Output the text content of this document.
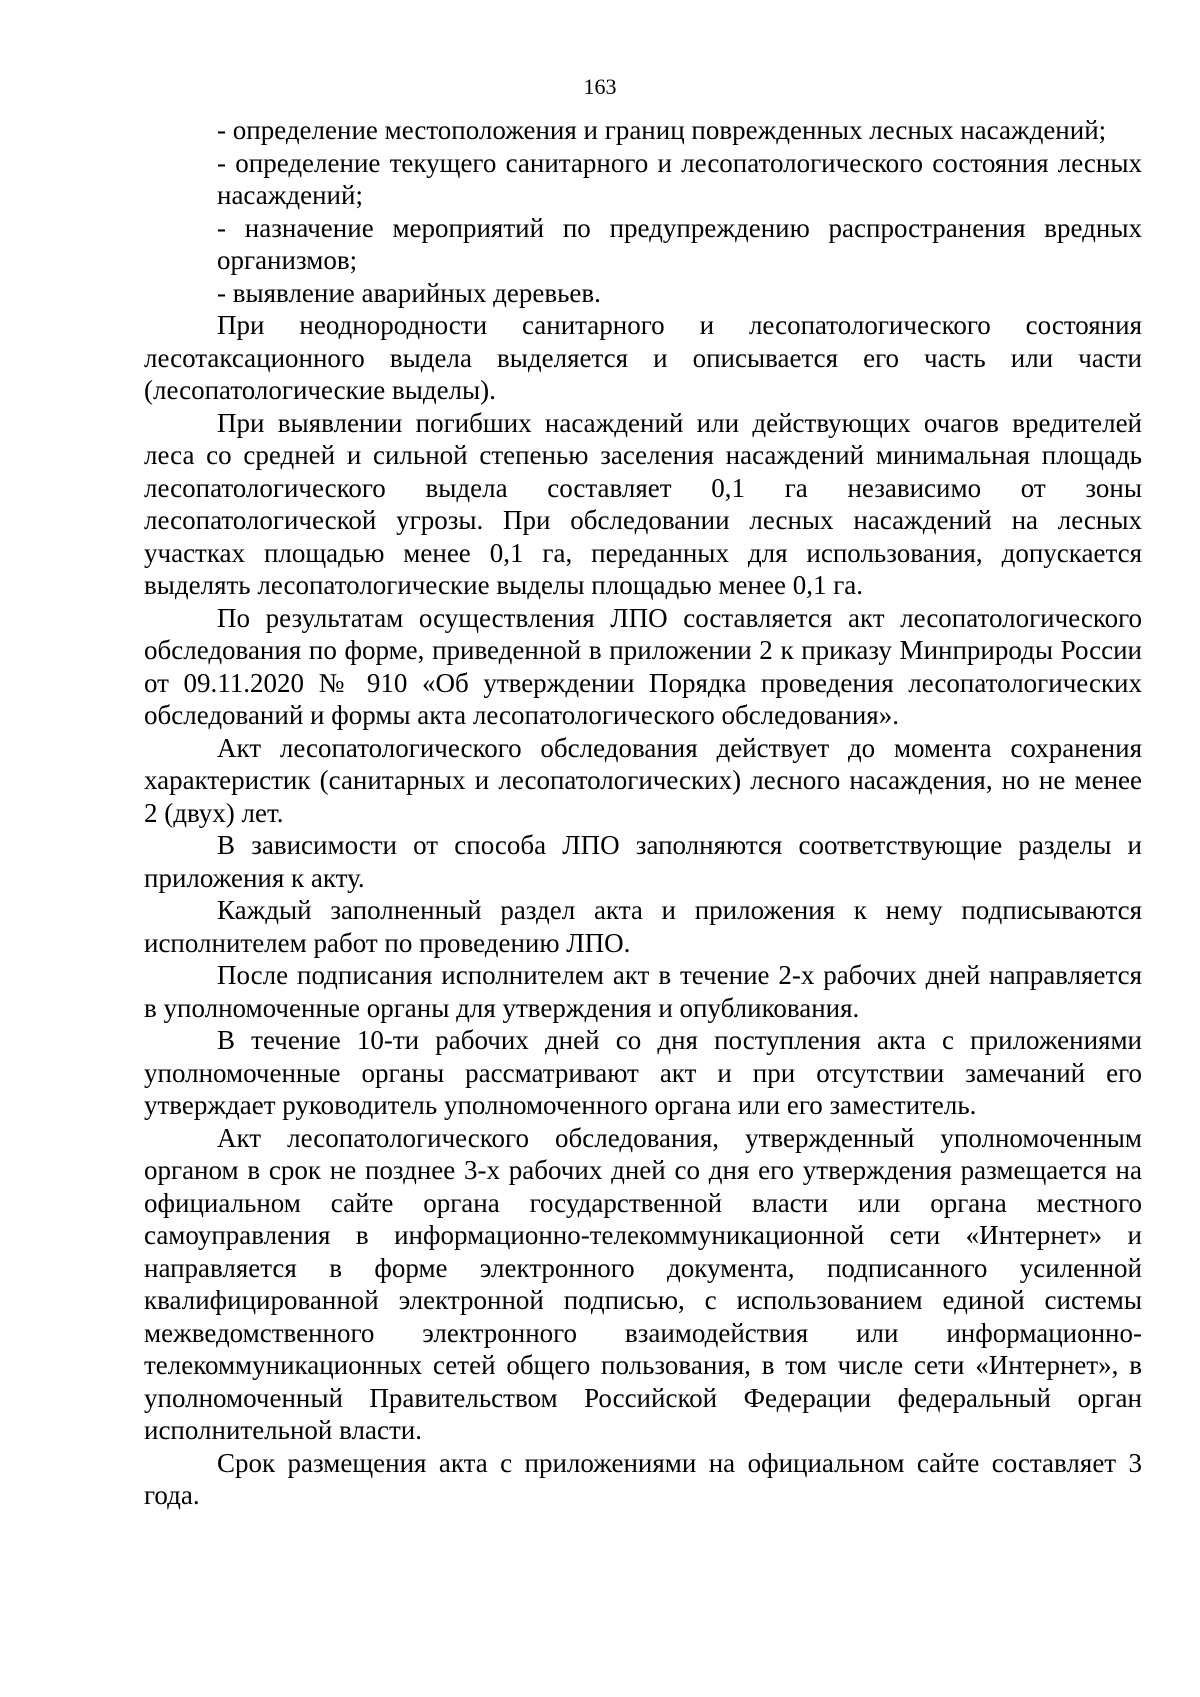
163

- определение местоположения и границ поврежденных лесных насаждений;

- определение текущего санитарного и лесопатологического состояния лесных насаждений;

- назначение мероприятий по предупреждению распространения вредных организмов;

- выявление аварийных деревьев.

При неоднородности санитарного и лесопатологического состояния лесотаксационного выдела выделяется и описывается его часть или части (лесопатологические выделы).

При выявлении погибших насаждений или действующих очагов вредителей леса со средней и сильной степенью заселения насаждений минимальная площадь лесопатологического выдела составляет 0,1 га независимо от зоны лесопатологической угрозы. При обследовании лесных насаждений на лесных участках площадью менее 0,1 га, переданных для использования, допускается выделять лесопатологические выделы площадью менее 0,1 га.

По результатам осуществления ЛПО составляется акт лесопатологического обследования по форме, приведенной в приложении 2 к приказу Минприроды России от 09.11.2020 № 910 «Об утверждении Порядка проведения лесопатологических обследований и формы акта лесопатологического обследования».

Акт лесопатологического обследования действует до момента сохранения характеристик (санитарных и лесопатологических) лесного насаждения, но не менее 2 (двух) лет.

В зависимости от способа ЛПО заполняются соответствующие разделы и приложения к акту.

Каждый заполненный раздел акта и приложения к нему подписываются исполнителем работ по проведению ЛПО.

После подписания исполнителем акт в течение 2-х рабочих дней направляется в уполномоченные органы для утверждения и опубликования.

В течение 10-ти рабочих дней со дня поступления акта с приложениями уполномоченные органы рассматривают акт и при отсутствии замечаний его утверждает руководитель уполномоченного органа или его заместитель.

Акт лесопатологического обследования, утвержденный уполномоченным органом в срок не позднее 3-х рабочих дней со дня его утверждения размещается на официальном сайте органа государственной власти или органа местного самоуправления в информационно-телекоммуникационной сети «Интернет» и направляется в форме электронного документа, подписанного усиленной квалифицированной электронной подписью, с использованием единой системы межведомственного электронного взаимодействия или информационно-телекоммуникационных сетей общего пользования, в том числе сети «Интернет», в уполномоченный Правительством Российской Федерации федеральный орган исполнительной власти.

Срок размещения акта с приложениями на официальном сайте составляет 3 года.
